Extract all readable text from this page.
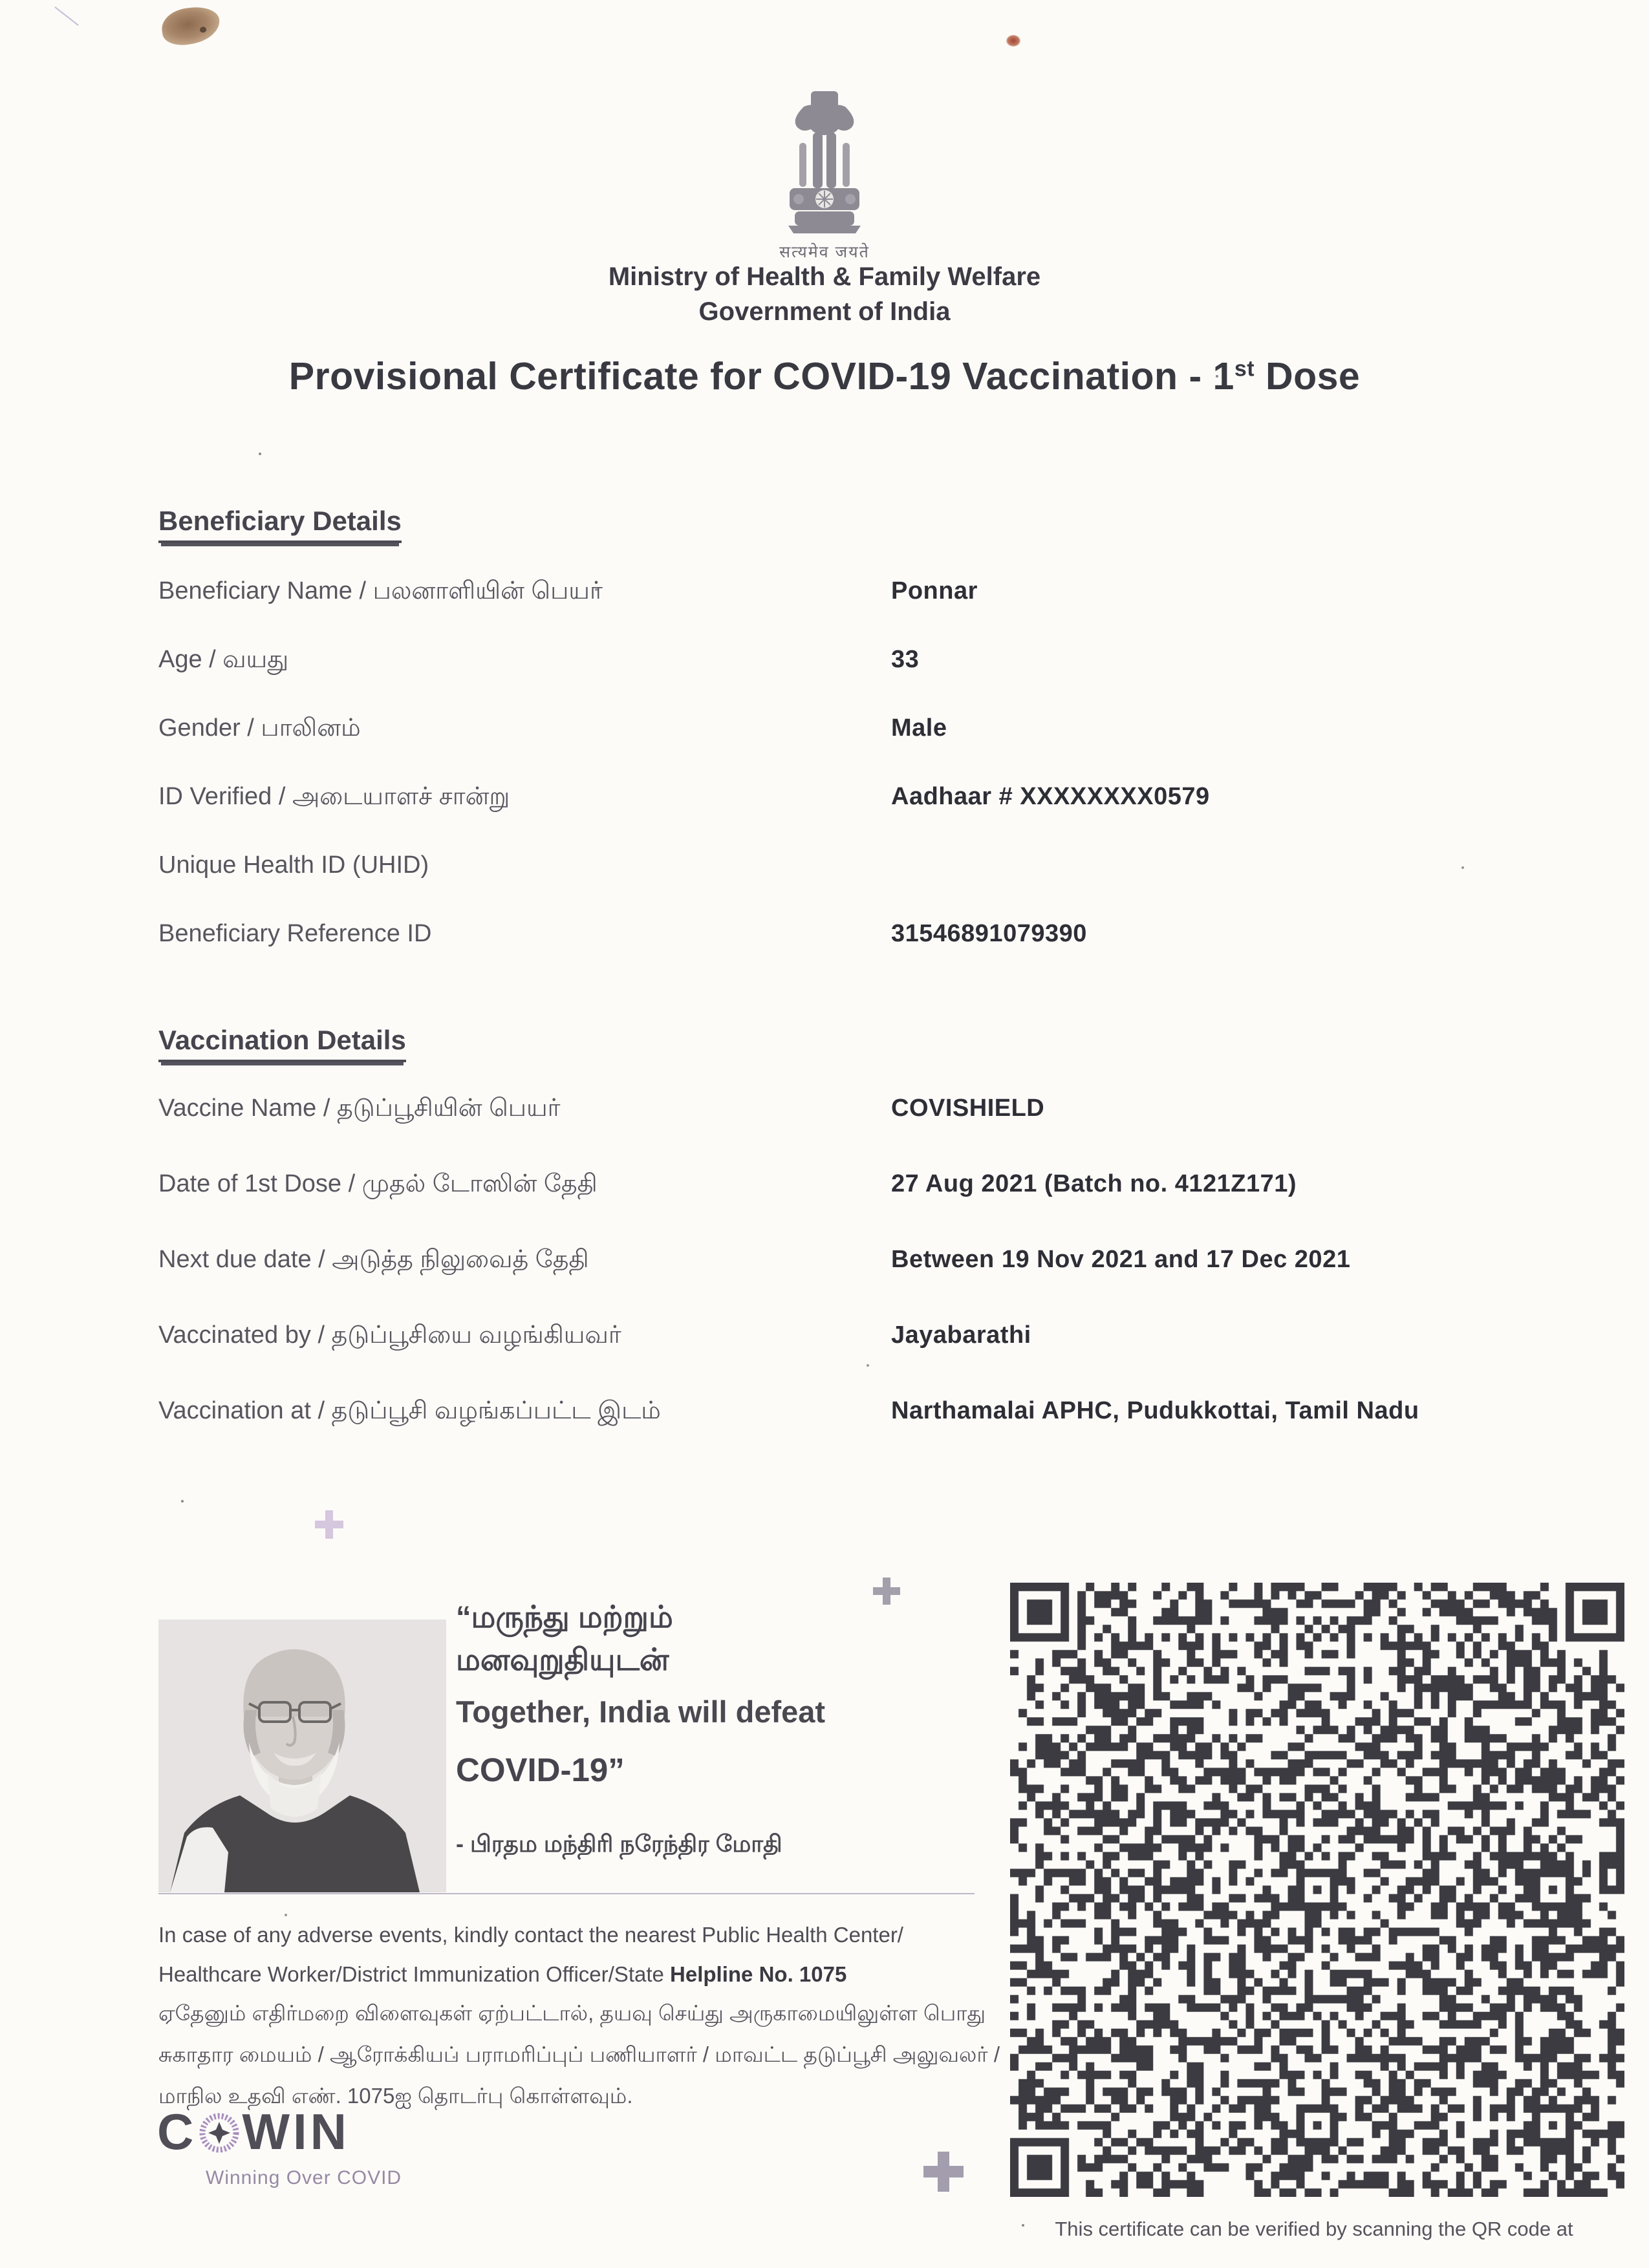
सत्यमेव जयते
Ministry of Health & Family Welfare
Government of India
Provisional Certificate for COVID-19 Vaccination - 1st Dose
Beneficiary Details
Beneficiary Name / பலனாளியின் பெயர்	Ponnar
Age / வயது	33
Gender / பாலினம்	Male
ID Verified / அடையாளச் சான்று	Aadhaar # XXXXXXXX0579
Unique Health ID (UHID)
Beneficiary Reference ID	31546891079390
Vaccination Details
Vaccine Name / தடுப்பூசியின் பெயர்	COVISHIELD
Date of 1st Dose / முதல் டோஸின் தேதி	27 Aug 2021 (Batch no. 4121Z171)
Next due date / அடுத்த நிலுவைத் தேதி	Between 19 Nov 2021 and 17 Dec 2021
Vaccinated by / தடுப்பூசியை வழங்கியவர்	Jayabarathi
Vaccination at / தடுப்பூசி வழங்கப்பட்ட இடம்	Narthamalai APHC, Pudukkottai, Tamil Nadu
“மருந்து மற்றும்
மனவுறுதியுடன்
Together, India will defeat
COVID-19”
- பிரதம மந்திரி நரேந்திர மோதி
In case of any adverse events, kindly contact the nearest Public Health Center/ Healthcare Worker/District Immunization Officer/State Helpline No. 1075
ஏதேனும் எதிர்மறை விளைவுகள் ஏற்பட்டால், தயவு செய்து அருகாமையிலுள்ள பொது சுகாதார மையம் / ஆரோக்கியப் பராமரிப்புப் பணியாளர் / மாவட்ட தடுப்பூசி அலுவலர் / மாநில உதவி எண். 1075ஐ தொடர்பு கொள்ளவும்.
C WIN
Winning Over COVID
This certificate can be verified by scanning the QR code at
